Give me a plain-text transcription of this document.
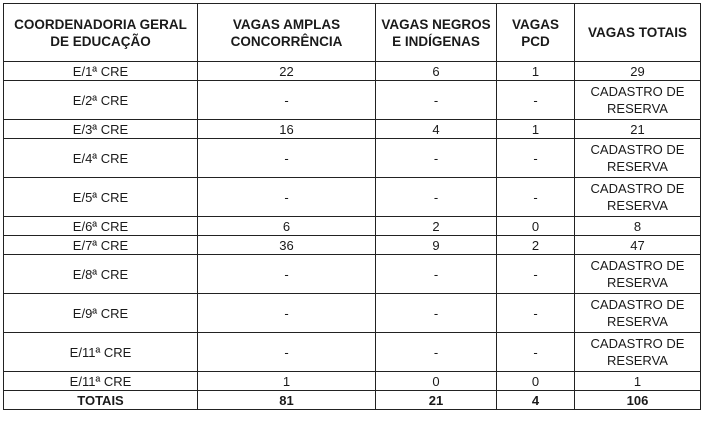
COORDENADORIA GERAL DE EDUCAÇÃO	VAGAS AMPLAS CONCORRÊNCIA	VAGAS NEGROS E INDÍGENAS	VAGAS PCD	VAGAS TOTAIS
E/1ª CRE	22	6	1	29
E/2ª CRE	-	-	-	CADASTRO DE RESERVA
E/3ª CRE	16	4	1	21
E/4ª CRE	-	-	-	CADASTRO DE RESERVA
E/5ª CRE	-	-	-	CADASTRO DE RESERVA
E/6ª CRE	6	2	0	8
E/7ª CRE	36	9	2	47
E/8ª CRE	-	-	-	CADASTRO DE RESERVA
E/9ª CRE	-	-	-	CADASTRO DE RESERVA
E/11ª CRE	-	-	-	CADASTRO DE RESERVA
E/11ª CRE	1	0	0	1
TOTAIS	81	21	4	106
